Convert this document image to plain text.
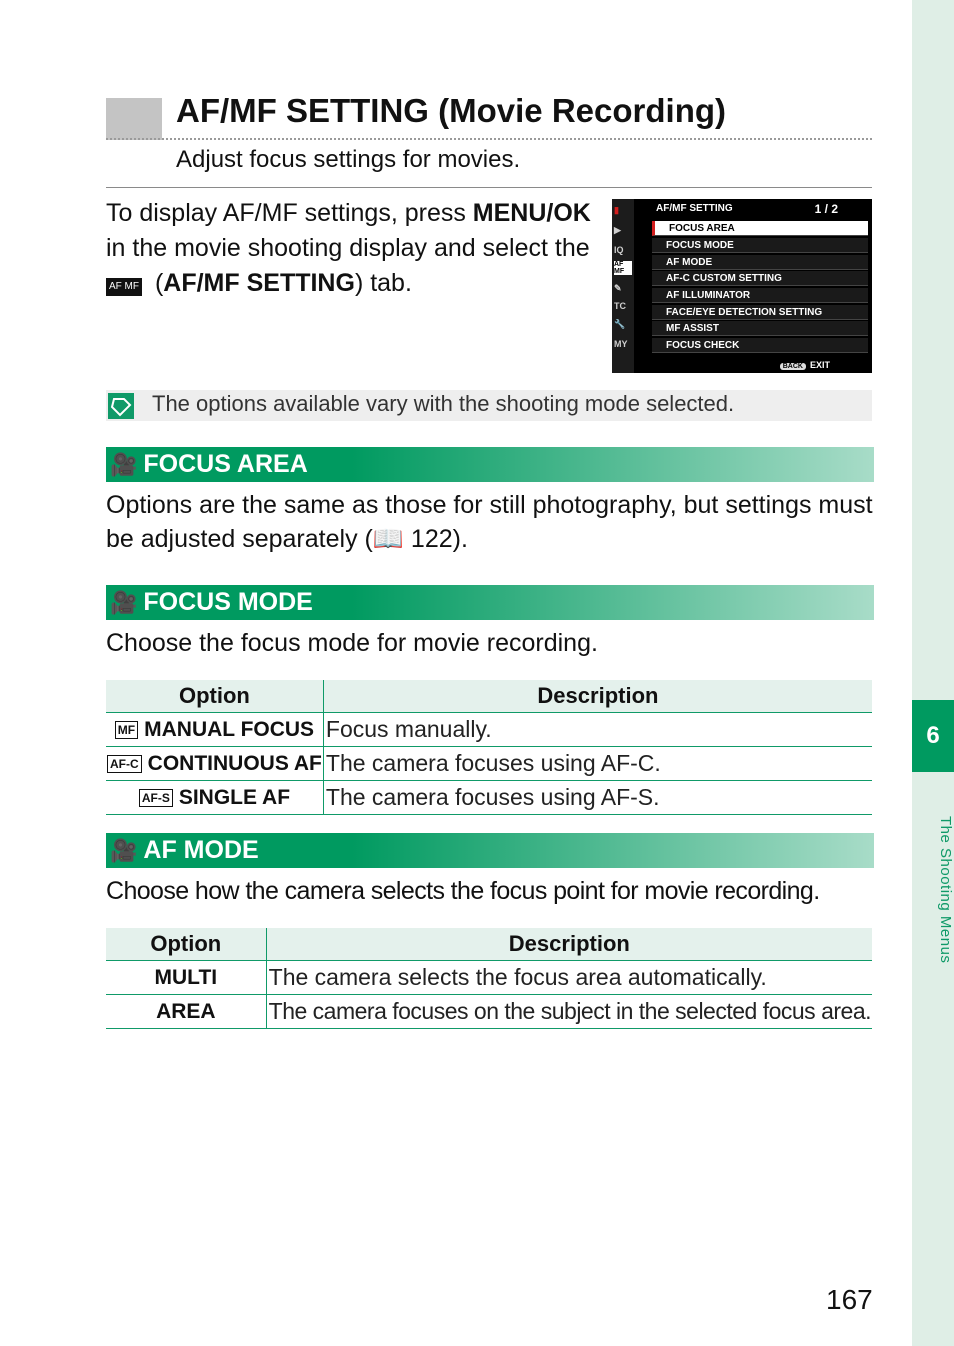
6
The Shooting Menus
AF/MF SETTING (Movie Recording)
Adjust focus settings for movies.
To display AF/MF settings, press MENU/OK in the movie shooting display and select the AF MF (AF/MF SETTING) tab.
▮
▶
IQ
AF MF
✎
TC
🔧
MY
AF/MF SETTING	1 / 2
FOCUS AREA
FOCUS MODE
AF MODE
AF-C CUSTOM SETTING
AF ILLUMINATOR
FACE/EYE DETECTION SETTING
MF ASSIST
FOCUS CHECK
BACK EXIT
The options available vary with the shooting mode selected.
🎥 FOCUS AREA
Options are the same as those for still photography, but settings must be adjusted separately (📖 122).
🎥 FOCUS MODE
Choose the focus mode for movie recording.
Option	Description
MF MANUAL FOCUS	Focus manually.
AF-C CONTINUOUS AF	The camera focuses using AF-C.
AF-S SINGLE AF	The camera focuses using AF-S.
🎥 AF MODE
Choose how the camera selects the focus point for movie recording.
Option	Description
MULTI	The camera selects the focus area automatically.
AREA	The camera focuses on the subject in the selected focus area.
167
